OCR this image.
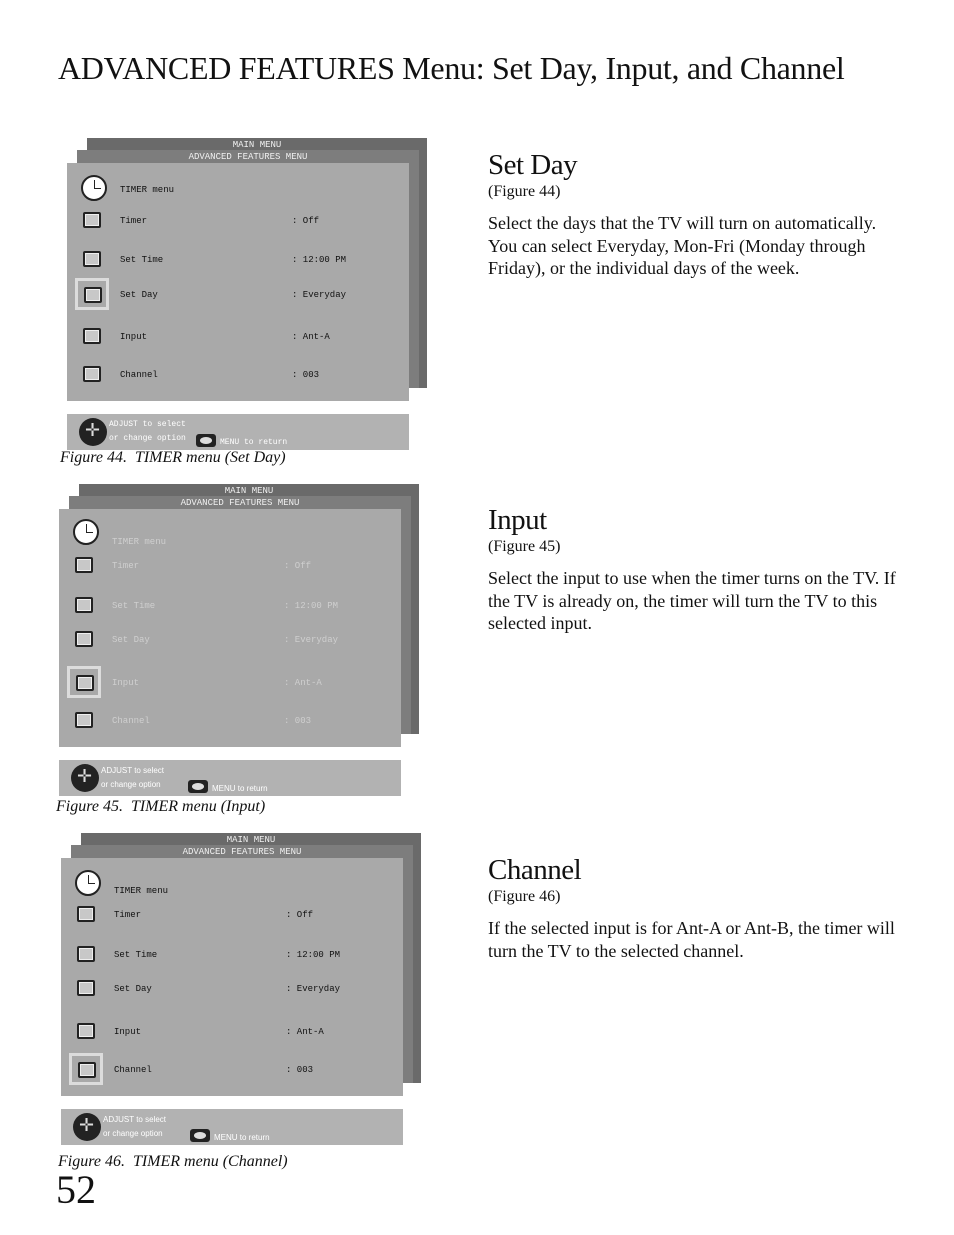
ADVANCED FEATURES Menu: Set Day, Input, and Channel
MAIN MENU
ADVANCED FEATURES MENU
TIMER menu
Timer	: Off
Set Time	: 12:00 PM
Set Day	: Everyday
Input	: Ant-A
Channel	: 003
✛
ADJUST to select
or change option	MENU to return
Figure 44. TIMER menu (Set Day)
MAIN MENU
ADVANCED FEATURES MENU
TIMER menu
Timer	: Off
Set Time	: 12:00 PM
Set Day	: Everyday
Input	: Ant-A
Channel	: 003
✛
ADJUST to select
or change option	MENU to return
Figure 45. TIMER menu (Input)
MAIN MENU
ADVANCED FEATURES MENU
TIMER menu
Timer	: Off
Set Time	: 12:00 PM
Set Day	: Everyday
Input	: Ant-A
Channel	: 003
✛
ADJUST to select
or change option	MENU to return
Figure 46. TIMER menu (Channel)
Set Day
(Figure 44)

Select the days that the TV will turn on automatically. You can select Everyday, Mon-Fri (Monday through Friday), or the individual days of the week.

Input
(Figure 45)

Select the input to use when the timer turns on the TV. If the TV is already on, the timer will turn the TV to this selected input.

Channel
(Figure 46)

If the selected input is for Ant-A or Ant-B, the timer will turn the TV to the selected channel.

52
